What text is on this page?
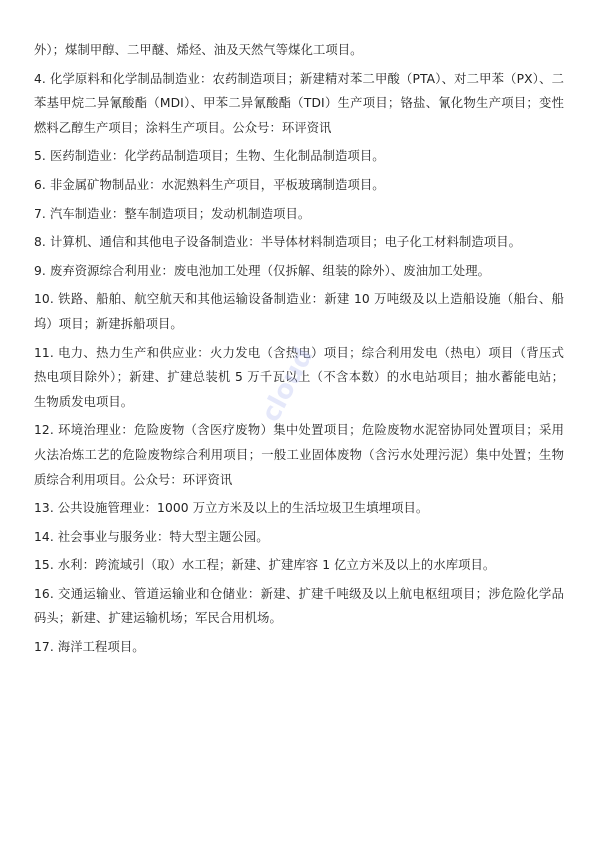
外）；煤制甲醇、二甲醚、烯烃、油及天然气等煤化工项目。

4. 化学原料和化学制品制造业：农药制造项目；新建精对苯二甲酸（PTA）、对二甲苯（PX）、二苯基甲烷二异氰酸酯（MDI）、甲苯二异氰酸酯（TDI）生产项目；铬盐、氰化物生产项目；变性燃料乙醇生产项目；涂料生产项目。公众号：环评资讯

5. 医药制造业：化学药品制造项目；生物、生化制品制造项目。

6. 非金属矿物制品业：水泥熟料生产项目，平板玻璃制造项目。

7. 汽车制造业：整车制造项目；发动机制造项目。

8. 计算机、通信和其他电子设备制造业：半导体材料制造项目；电子化工材料制造项目。

9. 废弃资源综合利用业：废电池加工处理（仅拆解、组装的除外）、废油加工处理。

10. 铁路、船舶、航空航天和其他运输设备制造业：新建 10 万吨级及以上造船设施（船台、船坞）项目；新建拆船项目。

11. 电力、热力生产和供应业：火力发电（含热电）项目；综合利用发电（热电）项目（背压式热电项目除外）；新建、扩建总装机 5 万千瓦以上（不含本数）的水电站项目；抽水蓄能电站；生物质发电项目。

12. 环境治理业：危险废物（含医疗废物）集中处置项目；危险废物水泥窑协同处置项目；采用火法冶炼工艺的危险废物综合利用项目；一般工业固体废物（含污水处理污泥）集中处置；生物质综合利用项目。公众号：环评资讯

13. 公共设施管理业：1000 万立方米及以上的生活垃圾卫生填埋项目。

14. 社会事业与服务业：特大型主题公园。

15. 水利：跨流域引（取）水工程；新建、扩建库容 1 亿立方米及以上的水库项目。

16. 交通运输业、管道运输业和仓储业：新建、扩建千吨级及以上航电枢纽项目；涉危险化学品码头；新建、扩建运输机场；军民合用机场。

17. 海洋工程项目。

cloud
